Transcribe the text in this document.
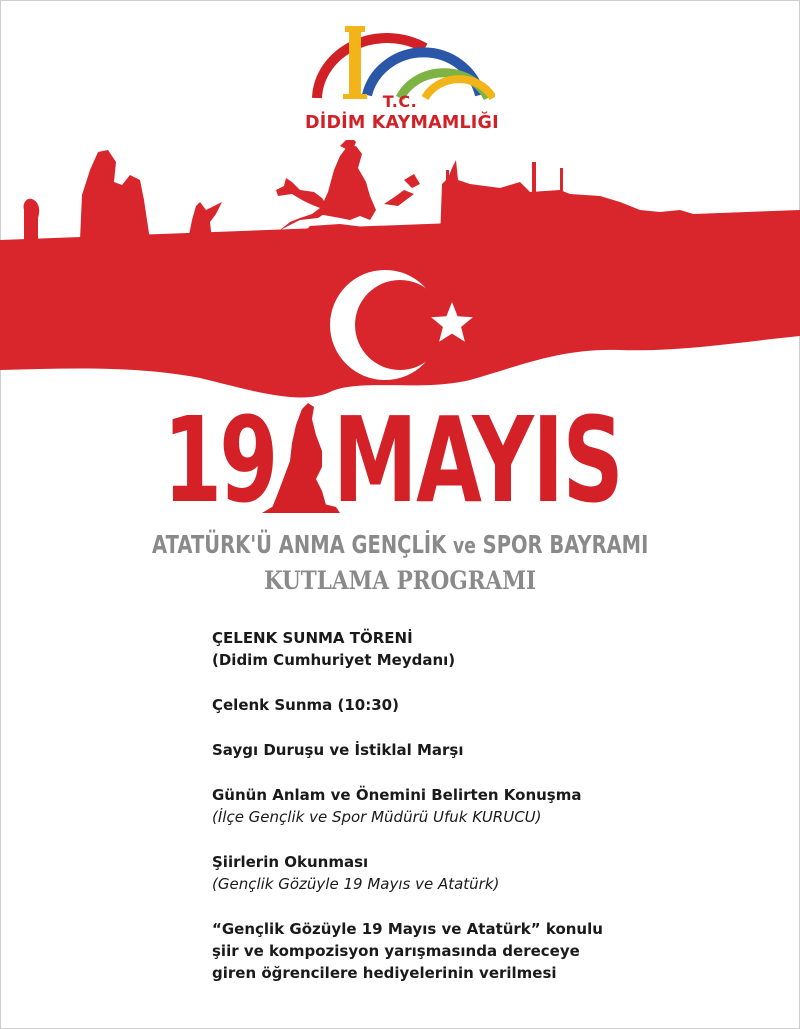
T.C.
DİDİM KAYMAMLIĞI
19 MAYIS
ATATÜRK'Ü ANMA GENÇLİK ve SPOR BAYRAMI
KUTLAMA PROGRAMI
ÇELENK SUNMA TÖRENİ
(Didim Cumhuriyet Meydanı)
Çelenk Sunma (10:30)
Saygı Duruşu ve İstiklal Marşı
Günün Anlam ve Önemini Belirten Konuşma
(İlçe Gençlik ve Spor Müdürü Ufuk KURUCU)
Şiirlerin Okunması
(Gençlik Gözüyle 19 Mayıs ve Atatürk)
“Gençlik Gözüyle 19 Mayıs ve Atatürk” konulu
şiir ve kompozisyon yarışmasında dereceye
giren öğrencilere hediyelerinin verilmesi
